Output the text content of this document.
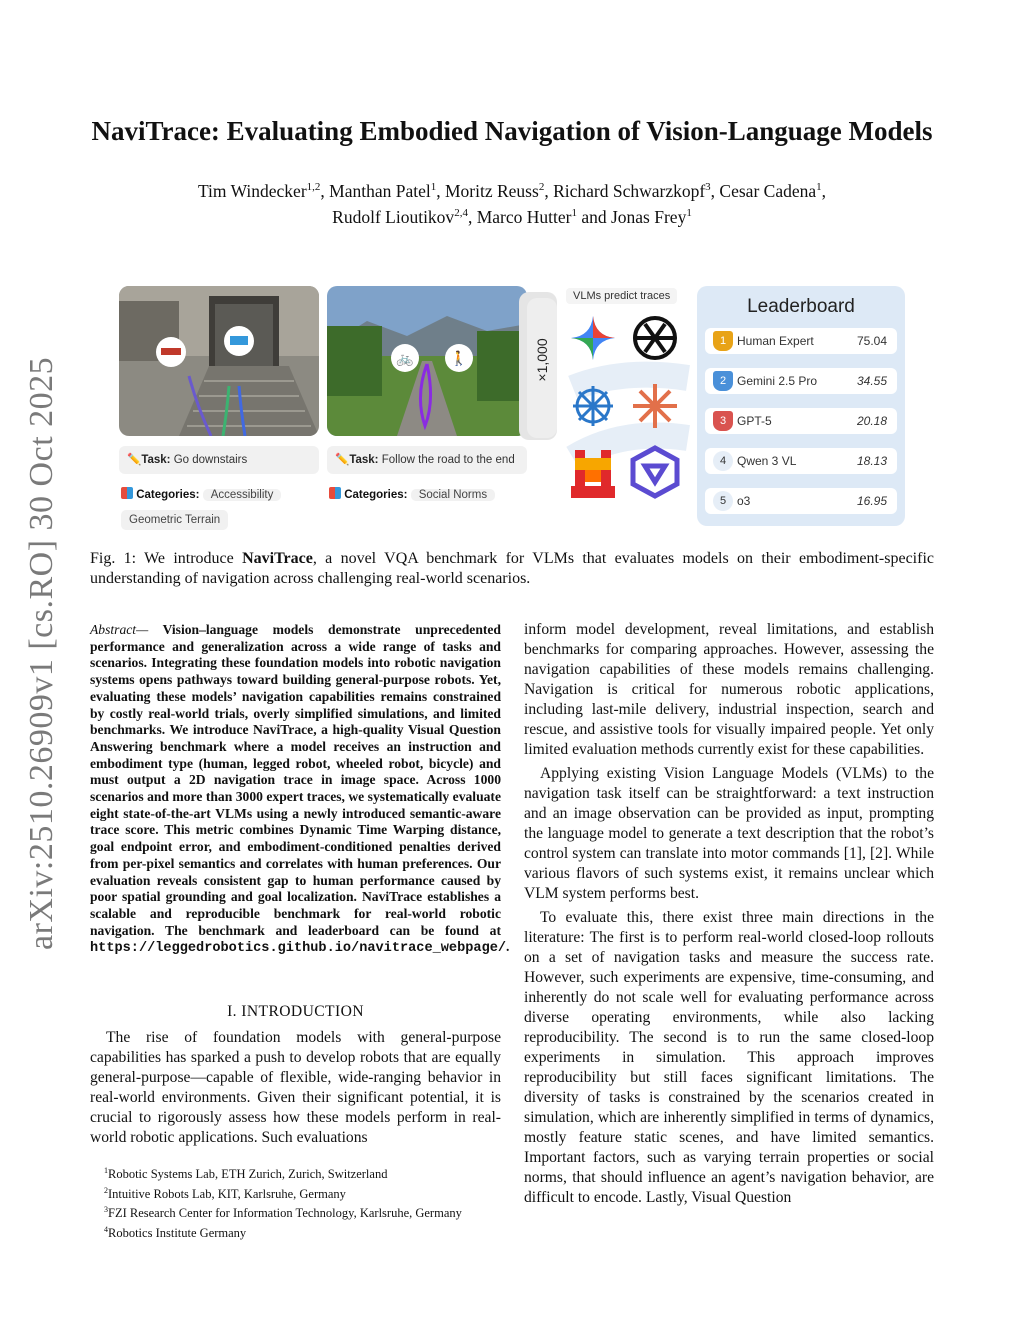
arXiv:2510.26909v1 [cs.RO] 30 Oct 2025
NaviTrace: Evaluating Embodied Navigation of Vision-Language Models
Tim Windecker$^{1,2}$, Manthan Patel$^1$, Moritz Reuss$^2$, Richard Schwarzkopf$^3$, Cesar Cadena$^1$,
Rudolf Lioutikov$^{2,4}$, Marco Hutter$^1$ and Jonas Frey$^1$
🚲	🚶	×1,000
✏️Task: Go downstairs	✏️Task: Follow the road to the end
Categories: Accessibility
Geometric Terrain
Categories: Social Norms
VLMs predict traces	Leaderboard
1 Human Expert	75.04
2 Gemini 2.5 Pro	34.55
3 GPT-5	20.18
4 Qwen 3 VL	18.13
5 o3	16.95
Fig. 1: We introduce NaviTrace, a novel VQA benchmark for VLMs that evaluates models on their embodiment-specific understanding of navigation across challenging real-world scenarios.
Abstract— Vision–language models demonstrate unprecedented performance and generalization across a wide range of tasks and scenarios. Integrating these foundation models into robotic navigation systems opens pathways toward building general-purpose robots. Yet, evaluating these models’ navigation capabilities remains constrained by costly real-world trials, overly simplified simulations, and limited benchmarks. We introduce NaviTrace, a high-quality Visual Question Answering benchmark where a model receives an instruction and embodiment type (human, legged robot, wheeled robot, bicycle) and must output a 2D navigation trace in image space. Across 1000 scenarios and more than 3000 expert traces, we systematically evaluate eight state-of-the-art VLMs using a newly introduced semantic-aware trace score. This metric combines Dynamic Time Warping distance, goal endpoint error, and embodiment-conditioned penalties derived from per-pixel semantics and correlates with human preferences. Our evaluation reveals consistent gap to human performance caused by poor spatial grounding and goal localization. NaviTrace establishes a scalable and reproducible benchmark for real-world robotic navigation. The benchmark and leaderboard can be found at https://leggedrobotics.github.io/navitrace_webpage/.
I. INTRODUCTION
The rise of foundation models with general-purpose capabilities has sparked a push to develop robots that are equally general-purpose—capable of flexible, wide-ranging behavior in real-world environments. Given their significant potential, it is crucial to rigorously assess how these models perform in real-world robotic applications. Such evaluations
$^1$Robotic Systems Lab, ETH Zurich, Zurich, Switzerland
$^2$Intuitive Robots Lab, KIT, Karlsruhe, Germany
$^3$FZI Research Center for Information Technology, Karlsruhe, Germany
$^4$Robotics Institute Germany

inform model development, reveal limitations, and establish benchmarks for comparing approaches. However, assessing the navigation capabilities of these models remains challenging. Navigation is critical for numerous robotic applications, including last-mile delivery, industrial inspection, search and rescue, and assistive tools for visually impaired people. Yet only limited evaluation methods currently exist for these capabilities.

Applying existing Vision Language Models (VLMs) to the navigation task itself can be straightforward: a text instruction and an image observation can be provided as input, prompting the language model to generate a text description that the robot’s control system can translate into motor commands [1], [2]. While various flavors of such systems exist, it remains unclear which VLM system performs best.

To evaluate this, there exist three main directions in the literature: The first is to perform real-world closed-loop rollouts on a set of navigation tasks and measure the success rate. However, such experiments are expensive, time-consuming, and inherently do not scale well for evaluating performance across diverse operating environments, while also lacking reproducibility. The second is to run the same closed-loop experiments in simulation. This approach improves reproducibility but still faces significant limitations. The diversity of tasks is constrained by the scenarios created in simulation, which are inherently simplified in terms of dynamics, mostly feature static scenes, and have limited semantics. Important factors, such as varying terrain properties or social norms, that should influence an agent’s navigation behavior, are difficult to encode. Lastly, Visual Question
